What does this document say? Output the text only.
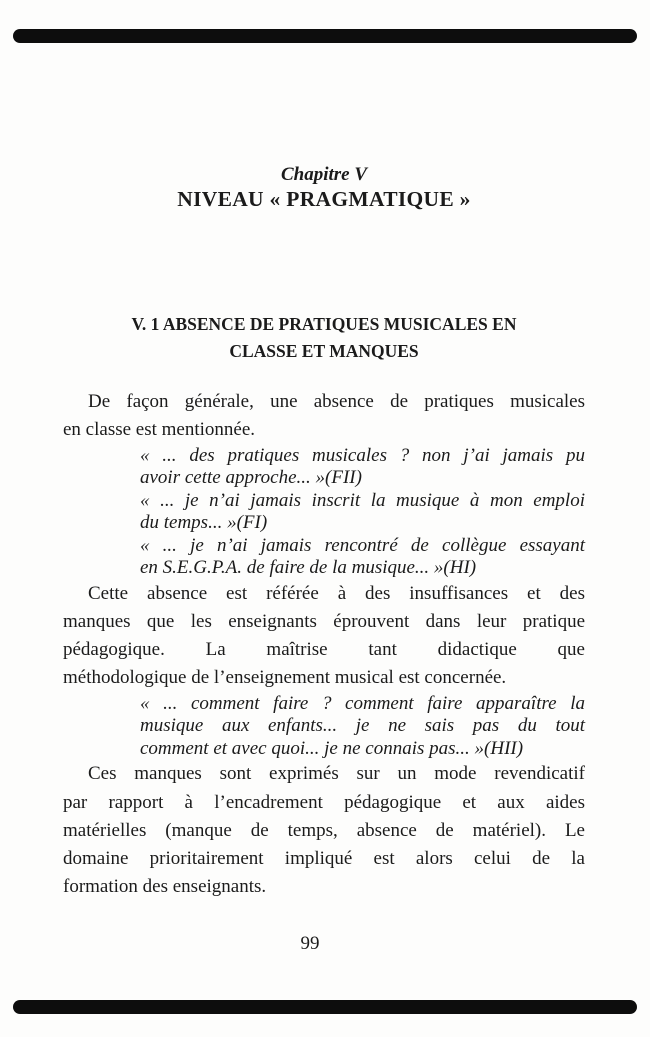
Chapitre V
NIVEAU « PRAGMATIQUE »
V. 1 ABSENCE DE PRATIQUES MUSICALES EN
CLASSE ET MANQUES
De façon générale, une absence de pratiques musicales
en classe est mentionnée.
« ... des pratiques musicales ? non j’ai jamais pu
avoir cette approche... »(FII)
« ... je n’ai jamais inscrit la musique à mon emploi
du temps... »(FI)
« ... je n’ai jamais rencontré de collègue essayant
en S.E.G.P.A. de faire de la musique... »(HI)
Cette absence est référée à des insuffisances et des
manques que les enseignants éprouvent dans leur pratique
pédagogique. La maîtrise tant didactique que
méthodologique de l’enseignement musical est concernée.
« ... comment faire ? comment faire apparaître la
musique aux enfants... je ne sais pas du tout
comment et avec quoi... je ne connais pas... »(HII)
Ces manques sont exprimés sur un mode revendicatif
par rapport à l’encadrement pédagogique et aux aides
matérielles (manque de temps, absence de matériel). Le
domaine prioritairement impliqué est alors celui de la
formation des enseignants.
99
